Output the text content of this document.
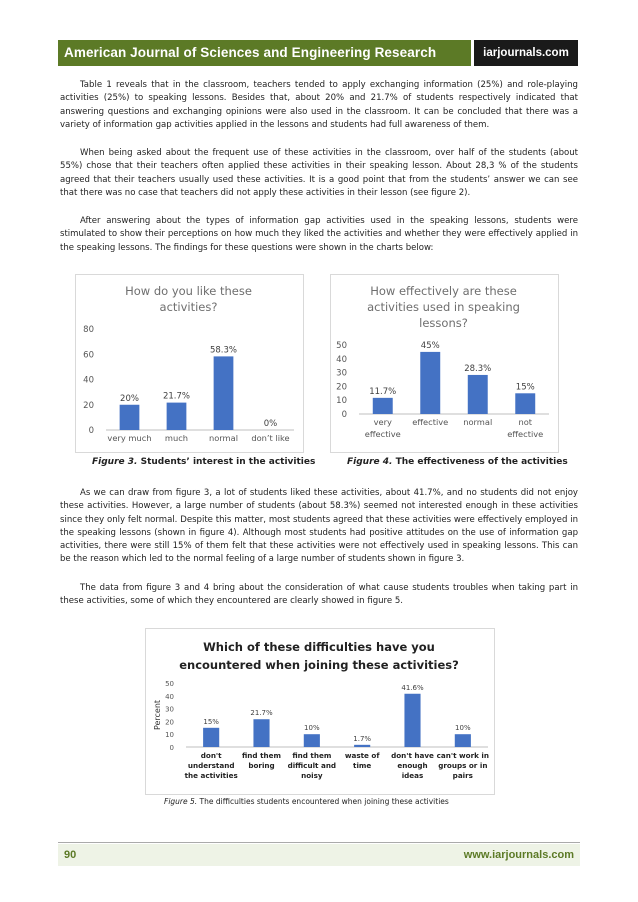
American Journal of Sciences and Engineering Research	iarjournals.com

Table 1 reveals that in the classroom, teachers tended to apply exchanging information (25%) and role-playing activities (25%) to speaking lessons. Besides that, about 20% and 21.7% of students respectively indicated that answering questions and exchanging opinions were also used in the classroom. It can be concluded that there was a variety of information gap activities applied in the lessons and students had full awareness of them.

When being asked about the frequent use of these activities in the classroom, over half of the students (about 55%) chose that their teachers often applied these activities in their speaking lesson. About 28,3 % of the students agreed that their teachers usually used these activities. It is a good point that from the students’ answer we can see that there was no case that teachers did not apply these activities in their lesson (see figure 2).

After answering about the types of information gap activities used in the speaking lessons, students were stimulated to show their perceptions on how much they liked the activities and whether they were effectively applied in the speaking lessons. The findings for these questions were shown in the charts below:

How do you like these
activities?
0
20
40
60
80
20%
very much
21.7%
much
58.3%
normal
0%
don’t like
How effectively are these
activities used in speaking
lessons?
0
10
20
30
40
50
11.7%
very
effective
45%
effective
28.3%
normal
15%
not
effective
Figure 3. Students’ interest in the activities	Figure 4. The effectiveness of the activities

As we can draw from figure 3, a lot of students liked these activities, about 41.7%, and no students did not enjoy these activities. However, a large number of students (about 58.3%) seemed not interested enough in these activities since they only felt normal. Despite this matter, most students agreed that these activities were effectively employed in the speaking lessons (shown in figure 4). Although most students had positive attitudes on the use of information gap activities, there were still 15% of them felt that these activities were not effectively used in speaking lessons. This can be the reason which led to the normal feeling of a large number of students shown in figure 3.

The data from figure 3 and 4 bring about the consideration of what cause students troubles when taking part in these activities, some of which they encountered are clearly showed in figure 5.

Which of these difficulties have you
encountered when joining these activities?
0
10
20
30
40
50
Percent	15%
don't
understand
the activities
21.7%
find them
boring
10%
find them
difficult and
noisy
1.7%
waste of
time
41.6%
don't have
enough
ideas
10%
can't work in
groups or in
pairs
Figure 5. The difficulties students encountered when joining these activities
90	www.iarjournals.com
